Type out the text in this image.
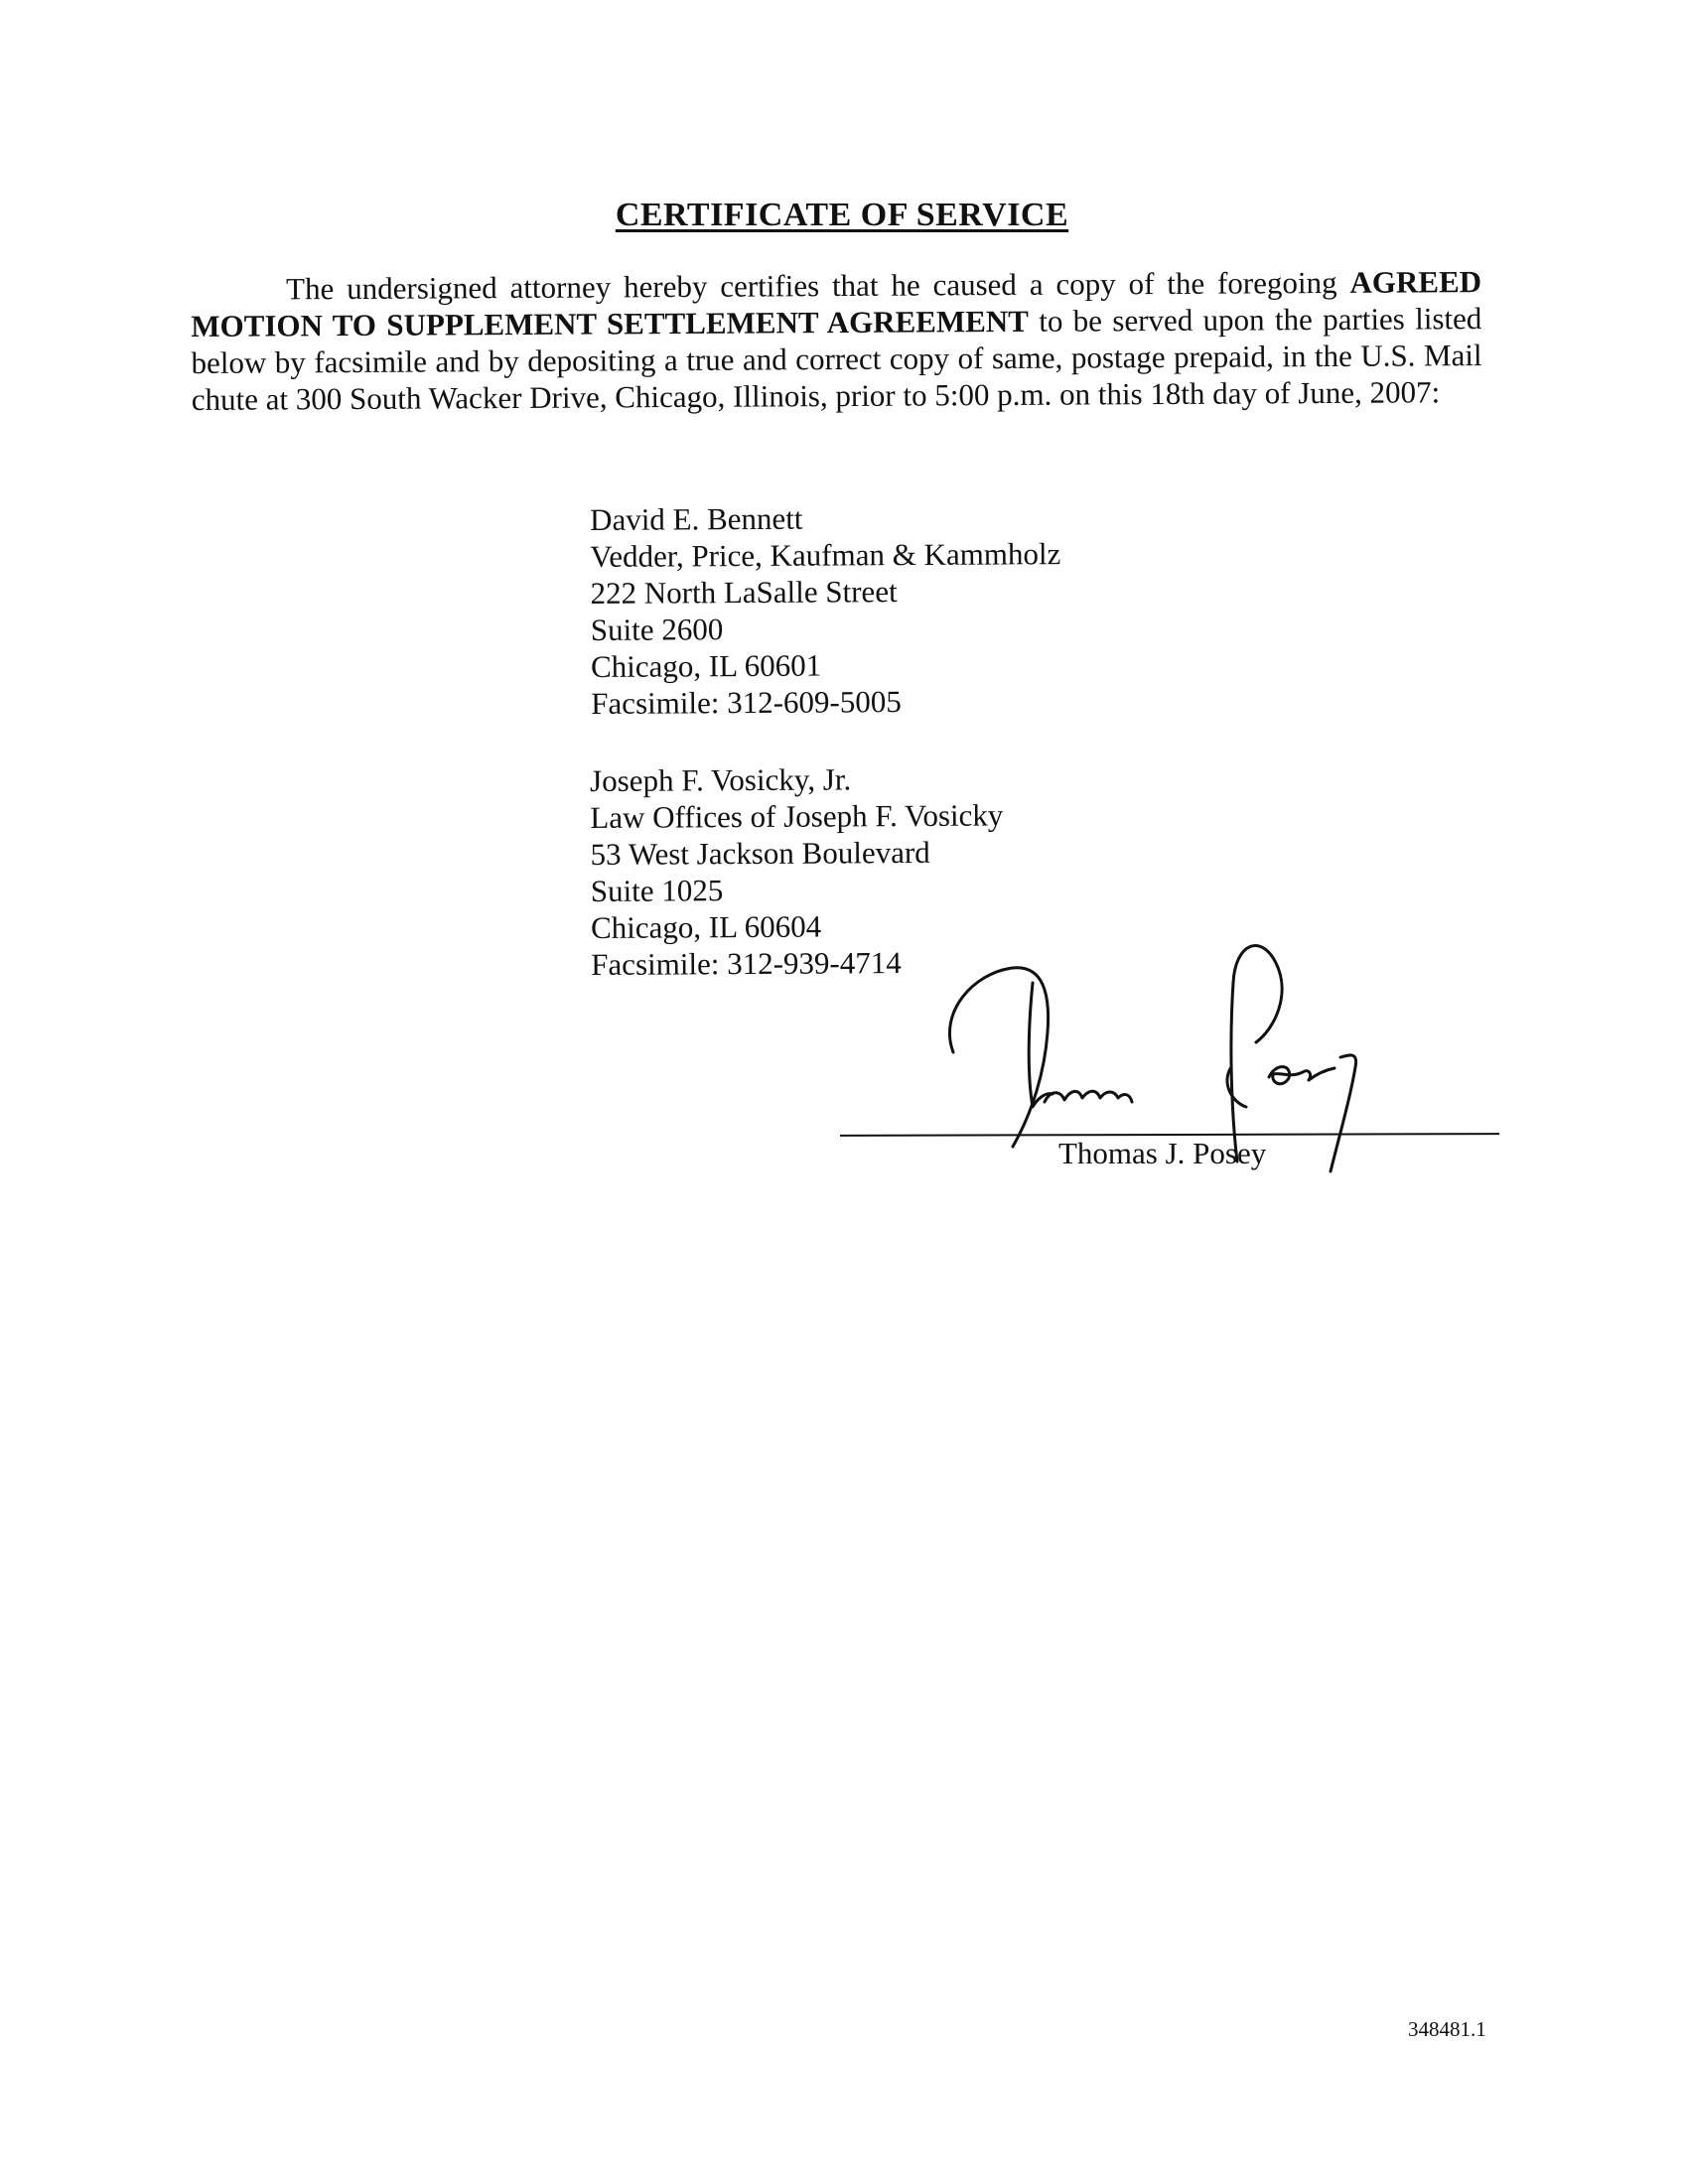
CERTIFICATE OF SERVICE

The undersigned attorney hereby certifies that he caused a copy of the foregoing AGREED MOTION TO SUPPLEMENT SETTLEMENT AGREEMENT to be served upon the parties listed below by facsimile and by depositing a true and correct copy of same, postage prepaid, in the U.S. Mail chute at 300 South Wacker Drive, Chicago, Illinois, prior to 5:00 p.m. on this 18th day of June, 2007:

David E. Bennett
Vedder, Price, Kaufman & Kammholz
222 North LaSalle Street
Suite 2600
Chicago, IL 60601
Facsimile: 312-609-5005
Joseph F. Vosicky, Jr.
Law Offices of Joseph F. Vosicky
53 West Jackson Boulevard
Suite 1025
Chicago, IL 60604
Facsimile: 312-939-4714

Thomas J. Posey

348481.1
